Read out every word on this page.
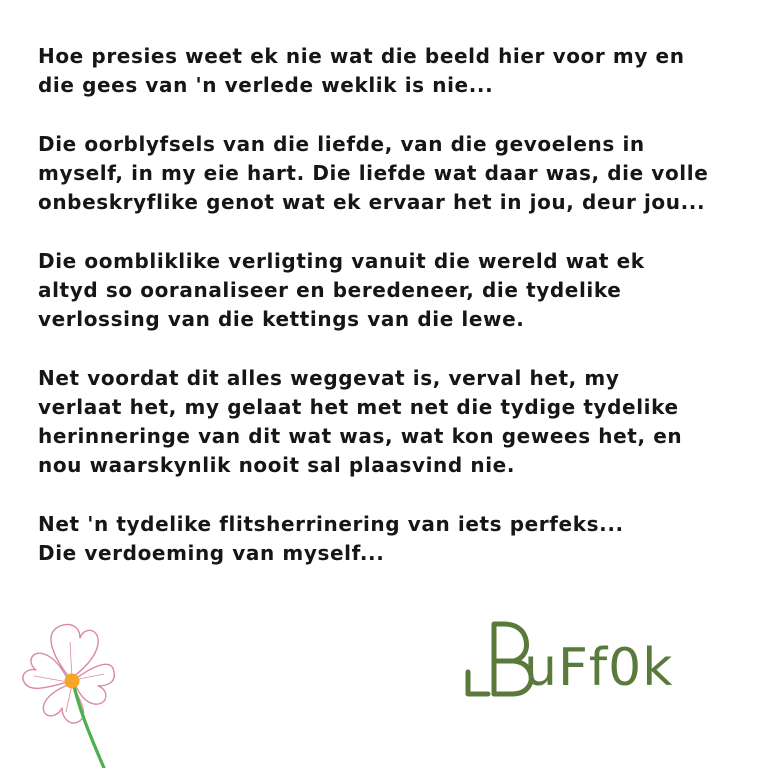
Hoe presies weet ek nie wat die beeld hier voor my en
die gees van 'n verlede weklik is nie...
Die oorblyfsels van die liefde, van die gevoelens in
myself, in my eie hart. Die liefde wat daar was, die volle
onbeskryflike genot wat ek ervaar het in jou, deur jou...
Die oombliklike verligting vanuit die wereld wat ek
altyd so ooranaliseer en beredeneer, die tydelike
verlossing van die kettings van die lewe.
Net voordat dit alles weggevat is, verval het, my
verlaat het, my gelaat het met net die tydige tydelike
herinneringe van dit wat was, wat kon gewees het, en
nou waarskynlik nooit sal plaasvind nie.
Net 'n tydelike flitsherrinering van iets perfeks...
Die verdoeming van myself...
uFf0k
